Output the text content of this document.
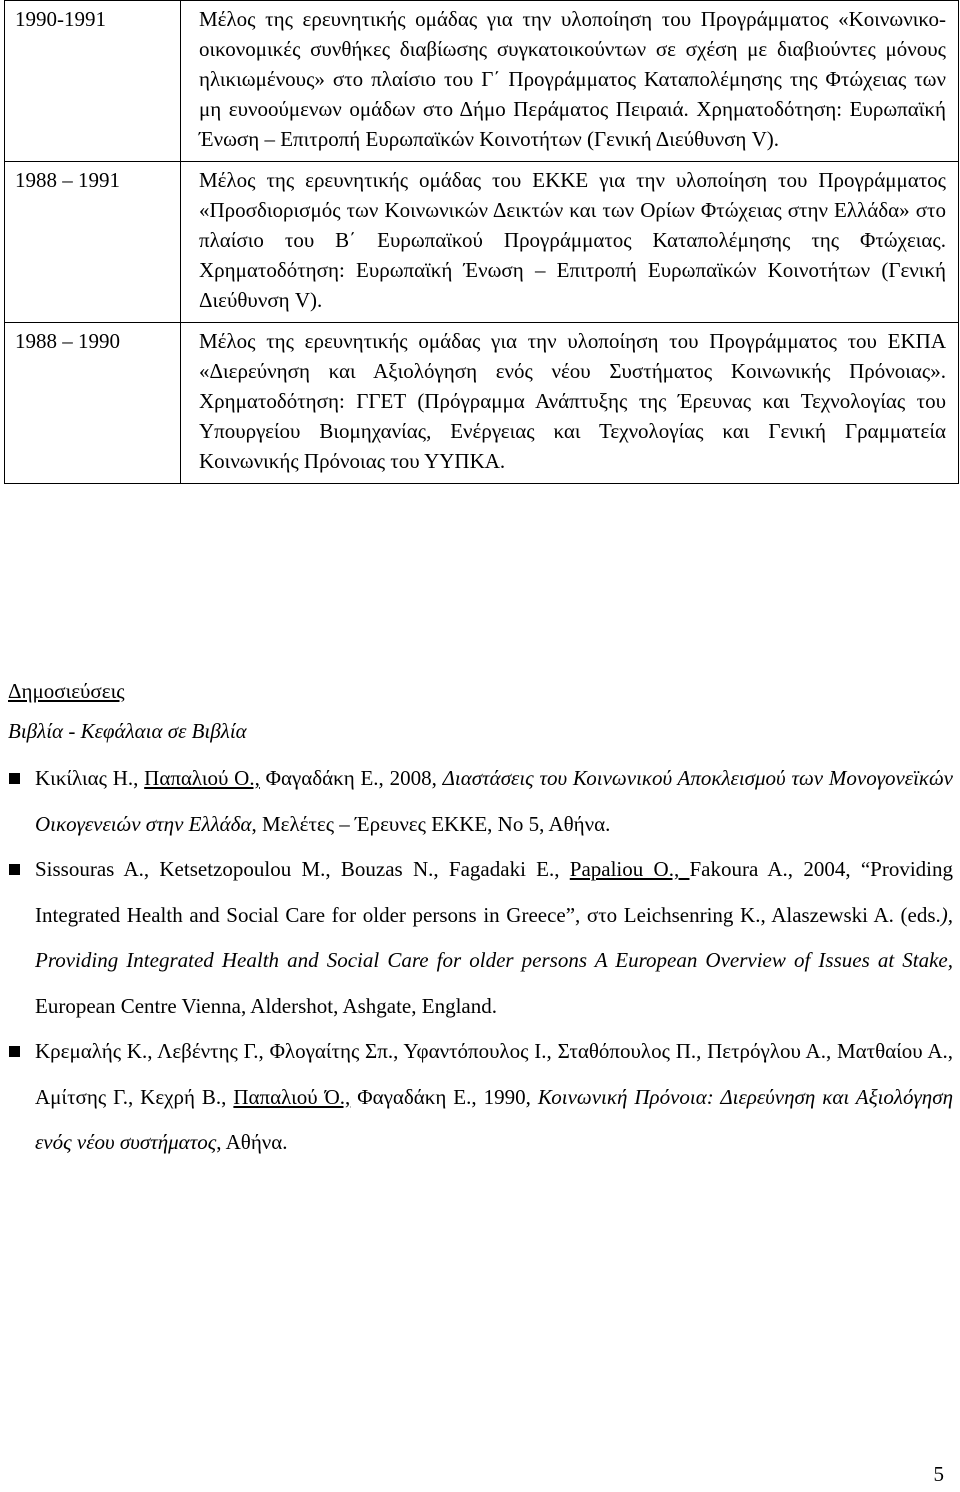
1990-1991	Μέλος της ερευνητικής ομάδας για την υλοποίηση του Προγράμματος «Κοινωνικο-οικονομικές συνθήκες διαβίωσης συγκατοικούντων σε σχέση με διαβιούντες μόνους ηλικιωμένους» στο πλαίσιο του Γ΄ Προγράμματος Καταπολέμησης της Φτώχειας των μη ευνοούμενων ομάδων στο Δήμο Περάματος Πειραιά. Χρηματοδότηση: Ευρωπαϊκή Ένωση – Επιτροπή Ευρωπαϊκών Κοινοτήτων (Γενική Διεύθυνση V).
1988 – 1991	Μέλος της ερευνητικής ομάδας του ΕΚΚΕ για την υλοποίηση του Προγράμματος «Προσδιορισμός των Κοινωνικών Δεικτών και των Ορίων Φτώχειας στην Ελλάδα» στο πλαίσιο του Β΄ Ευρωπαϊκού Προγράμματος Καταπολέμησης της Φτώχειας. Χρηματοδότηση: Ευρωπαϊκή Ένωση – Επιτροπή Ευρωπαϊκών Κοινοτήτων (Γενική Διεύθυνση V).
1988 – 1990	Μέλος της ερευνητικής ομάδας για την υλοποίηση του Προγράμματος του ΕΚΠΑ «Διερεύνηση και Αξιολόγηση ενός νέου Συστήματος Κοινωνικής Πρόνοιας». Χρηματοδότηση: ΓΓΕΤ (Πρόγραμμα Ανάπτυξης της Έρευνας και Τεχνολογίας του Υπουργείου Βιομηχανίας, Ενέργειας και Τεχνολογίας και Γενική Γραμματεία Κοινωνικής Πρόνοιας του ΥΥΠΚΑ.
Δημοσιεύσεις
Βιβλία - Κεφάλαια σε Βιβλία
Κικίλιας Η., Παπαλιού Ο., Φαγαδάκη Ε., 2008, Διαστάσεις του Κοινωνικού Αποκλεισμού των Μονογονεϊκών Οικογενειών στην Ελλάδα, Μελέτες – Έρευνες ΕΚΚΕ, Νο 5, Αθήνα.
Sissouras A., Ketsetzopoulou M., Bouzas N., Fagadaki E., Papaliou O., Fakoura A., 2004, “Providing Integrated Health and Social Care for older persons in Greece”, στο Leichsenring K., Alaszewski A. (eds.), Providing Integrated Health and Social Care for older persons A European Overview of Issues at Stake, European Centre Vienna, Aldershot, Ashgate, England.
Κρεμαλής Κ., Λεβέντης Γ., Φλογαίτης Σπ., Υφαντόπουλος Ι., Σταθόπουλος Π., Πετρόγλου Α., Ματθαίου Α., Αμίτσης Γ., Κεχρή Β., Παπαλιού Ό., Φαγαδάκη Ε., 1990, Κοινωνική Πρόνοια: Διερεύνηση και Αξιολόγηση ενός νέου συστήματος, Αθήνα.
5
